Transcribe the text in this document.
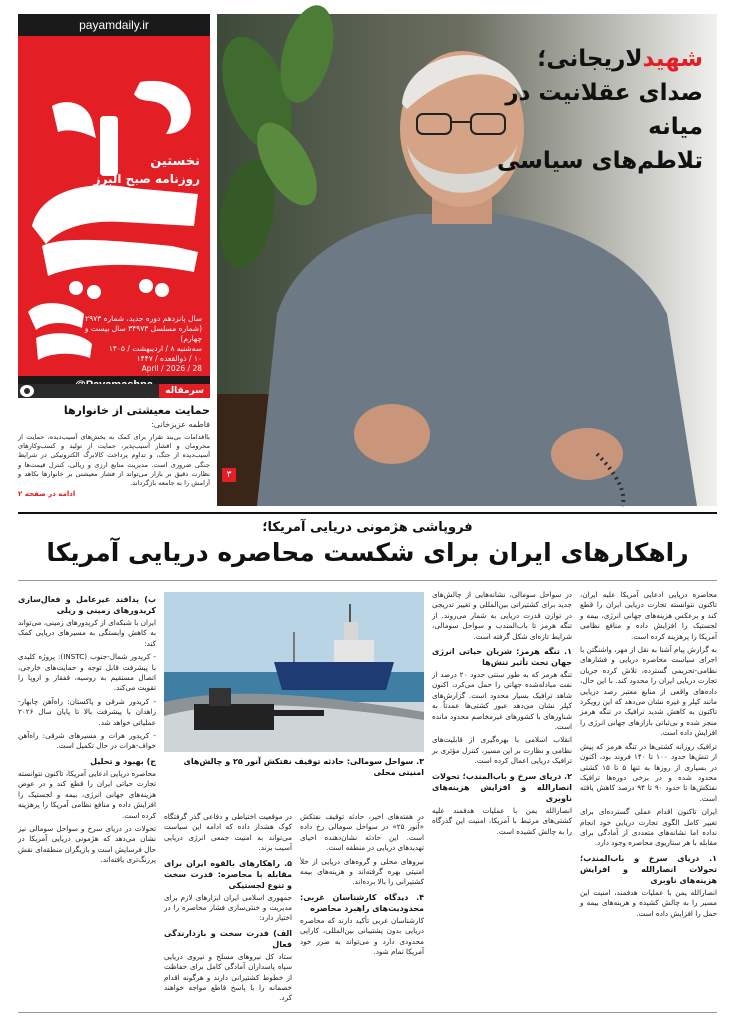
payamdaily.ir
نخستین
روزنامه صبح البرز
سال پانزدهم دوره جدید، شماره ۲۹۷۳
(شماره مسلسل ۳۴۹۷۳ سال بیست و چهارم)
سه‌شنبه ۸ / اردیبهشت / ۱۴۰۵
۱۰ / ذوالقعده / ۱۴۴۷
28 / April / 2026
سرمقاله
حمایت معیشتی از خانوارها
فاطمه عزیزخانی:
بااقدامات بی‌بند تقرار برای کمک به بخش‌های آسیب‌دیده، حمایت از محرومان و اقشار آسیب‌پذیر، حمایت از تولید و کسب‌وکارهای آسیب‌دیده از جنگ، و تداوم پرداخت کالابرگ الکترونیکی در شرایط جنگی ضروری است. مدیریت منابع ارزی و ریالی، کنترل قیمت‌ها و نظارت دقیق بر بازار می‌تواند از فشار معیشتی بر خانوارها بکاهد و آرامش را به جامعه بازگرداند.
ادامه در صفحه ۲
شهیدلاریجانی؛
صدای عقلانیت در میانه
تلاطم‌های سیاسی
۳
فروپاشی هژمونی دریایی آمریکا؛
راهکارهای ایران برای شکست محاصره دریایی آمریکا

محاصره دریایی ادعایی آمریکا علیه ایران، تاکنون نتوانسته تجارت دریایی ایران را قطع کند و برعکس هزینه‌های جهانی انرژی، بیمه و لجستیک را افزایش داده و منافع نظامی آمریکا را پرهزینه کرده است.

به گزارش پیام آشنا به نقل از مهر، واشنگتن با اجرای سیاست محاصره دریایی و فشارهای نظامی-تحریمی گسترده، تلاش کرده جریان تجارت دریایی ایران را محدود کند. با این حال، داده‌های واقعی از منابع معتبر رصد دریایی مانند کپلر و غیره نشان می‌دهد که این رویکرد تاکنون به کاهش شدید ترافیک در تنگه هرمز منجر شده و بی‌ثباتی بازارهای جهانی انرژی را افزایش داده است.

ترافیک روزانه کشتی‌ها در تنگه هرمز که پیش از تنش‌ها حدود ۱۰۰ تا ۱۴۰ فروند بود، اکنون در بسیاری از روزها به تنها ۵ تا ۱۵ کشتی محدود شده و در برخی دوره‌ها ترافیک نفتکش‌ها تا حدود ۹۰ تا ۹۴ درصد کاهش یافته است.

ایران تاکنون اقدام عملی گسترده‌ای برای تغییر کامل الگوی تجارت دریایی خود انجام نداده اما نشانه‌های متعددی از آمادگی برای مقابله با هر سناریوی محاصره وجود دارد.

۱. دریای سرخ و باب‌المندب؛ تحولات انصارالله و افزایش هزینه‌های ناوبری

انصارالله یمن با عملیات هدفمند، امنیت این مسیر را به چالش کشیده و هزینه‌های بیمه و حمل را افزایش داده است.

در سواحل سومالی، نشانه‌هایی از چالش‌های جدید برای کشتیرانی بین‌المللی و تغییر تدریجی در توازن قدرت دریایی به شمار می‌روند. از تنگه هرمز تا باب‌المندب و سواحل سومالی، شرایط تازه‌ای شکل گرفته است.

۱. تنگه هرمز: شریان حیاتی انرژی جهان تحت تأثیر تنش‌ها

تنگه هرمز که به طور سنتی حدود ۲۰ درصد از نفت مبادله‌شده جهانی را حمل می‌کرد، اکنون شاهد ترافیک بسیار محدود است. گزارش‌های کپلر نشان می‌دهد عبور کشتی‌ها عمدتاً به شناورهای با کشورهای غیرمخاصم محدود مانده است.

انقلاب اسلامی با بهره‌گیری از قابلیت‌های نظامی و نظارت بر این مسیر، کنترل مؤثری بر ترافیک دریایی اعمال کرده است.

۲. دریای سرخ و باب‌المندب؛ تحولات انصارالله و افزایش هزینه‌های ناوبری

انصارالله یمن با عملیات هدفمند علیه کشتی‌های مرتبط با آمریکا، امنیت این گذرگاه را به چالش کشیده است.

۳. سواحل سومالی: حادثه توقیف نفتکش آنور ۲۵ و چالش‌های امنیتی محلی

در هفته‌های اخیر، حادثه توقیف نفتکش «آنور ۲۵» در سواحل سومالی رخ داده است. این حادثه نشان‌دهنده احیای تهدیدهای دریایی در منطقه است.

نیروهای محلی و گروه‌های دریایی از خلأ امنیتی بهره گرفته‌اند و هزینه‌های بیمه کشتیرانی را بالا برده‌اند.

۴. دیدگاه کارشناسان غربی: محدودیت‌های راهبرد محاصره

کارشناسان غربی تأکید دارند که محاصره دریایی بدون پشتیبانی بین‌المللی، کارایی محدودی دارد و می‌تواند به ضرر خود آمریکا تمام شود.

در موقعیت اختیاطی و دفاعی گذر گرفتگاه کوک هشدار داده که ادامه این سیاست می‌تواند به امنیت جمعی انرژی دریایی آسیب بزند.

۵. راهکارهای بالقوه ایران برای مقابله با محاصره: قدرت سخت و تنوع لجستیکی

جمهوری اسلامی ایران ابزارهای لازم برای مدیریت و خنثی‌سازی فشار محاصره را در اختیار دارد:

الف) قدرت سخت و بازدارندگی فعال

ستاد کل نیروهای مسلح و نیروی دریایی سپاه پاسداران آمادگی کامل برای حفاظت از خطوط کشتیرانی دارند و هرگونه اقدام خصمانه را با پاسخ قاطع مواجه خواهند کرد.

ب) پدافند غیرعامل و فعال‌سازی کریدورهای زمینی و ریلی

ایران با شبکه‌ای از کریدورهای زمینی، می‌تواند به کاهش وابستگی به مسیرهای دریایی کمک کند:

- کریدور شمال-جنوب (INSTC): پروژه کلیدی با پیشرفت قابل توجه و حمایت‌های خارجی، اتصال مستقیم به روسیه، قفقاز و اروپا را تقویت می‌کند.

- کریدور شرقی و پاکستان: راه‌آهن چابهار-زاهدان با پیشرفت بالا تا پایان سال ۲۰۲۶ عملیاتی خواهد شد.

- کریدور هرات و مسیرهای شرقی: راه‌آهن خواف-هرات در حال تکمیل است.

ج) بهبود و تحلیل

محاصره دریایی ادعایی آمریکا، تاکنون نتوانسته تجارت حیاتی ایران را قطع کند و در عوض هزینه‌های جهانی انرژی، بیمه و لجستیک را افزایش داده و منافع نظامی آمریکا را پرهزینه کرده است.

تحولات در دریای سرخ و سواحل سومالی نیز نشان می‌دهد که هژمونی دریایی آمریکا در حال فرسایش است و بازیگران منطقه‌ای نقش پررنگ‌تری یافته‌اند.
